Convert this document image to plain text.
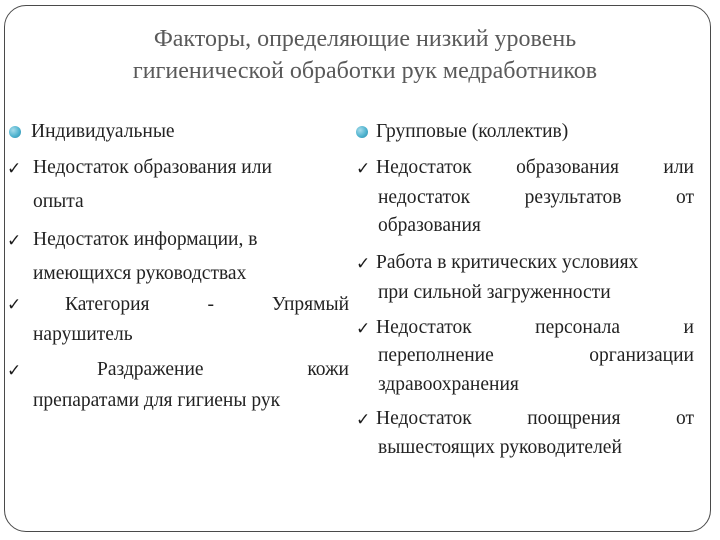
Факторы, определяющие низкий уровень
гигиенической обработки рук медработников
Индивидуальные
✓ Недостаток образования или
опыта
✓ Недостаток информации, в
имеющихся руководствах
✓ Категория	-	Упрямый
нарушитель
✓	Раздражение	кожи
препаратами для гигиены рук
Групповые (коллектив)
✓ Недостаток образования или
недостаток	результатов	от
образования
✓ Работа в критических условиях
при сильной загруженности
✓ Недостаток	персонала	и
переполнение	организации
здравоохранения
✓ Недостаток	поощрения	от
вышестоящих руководителей
